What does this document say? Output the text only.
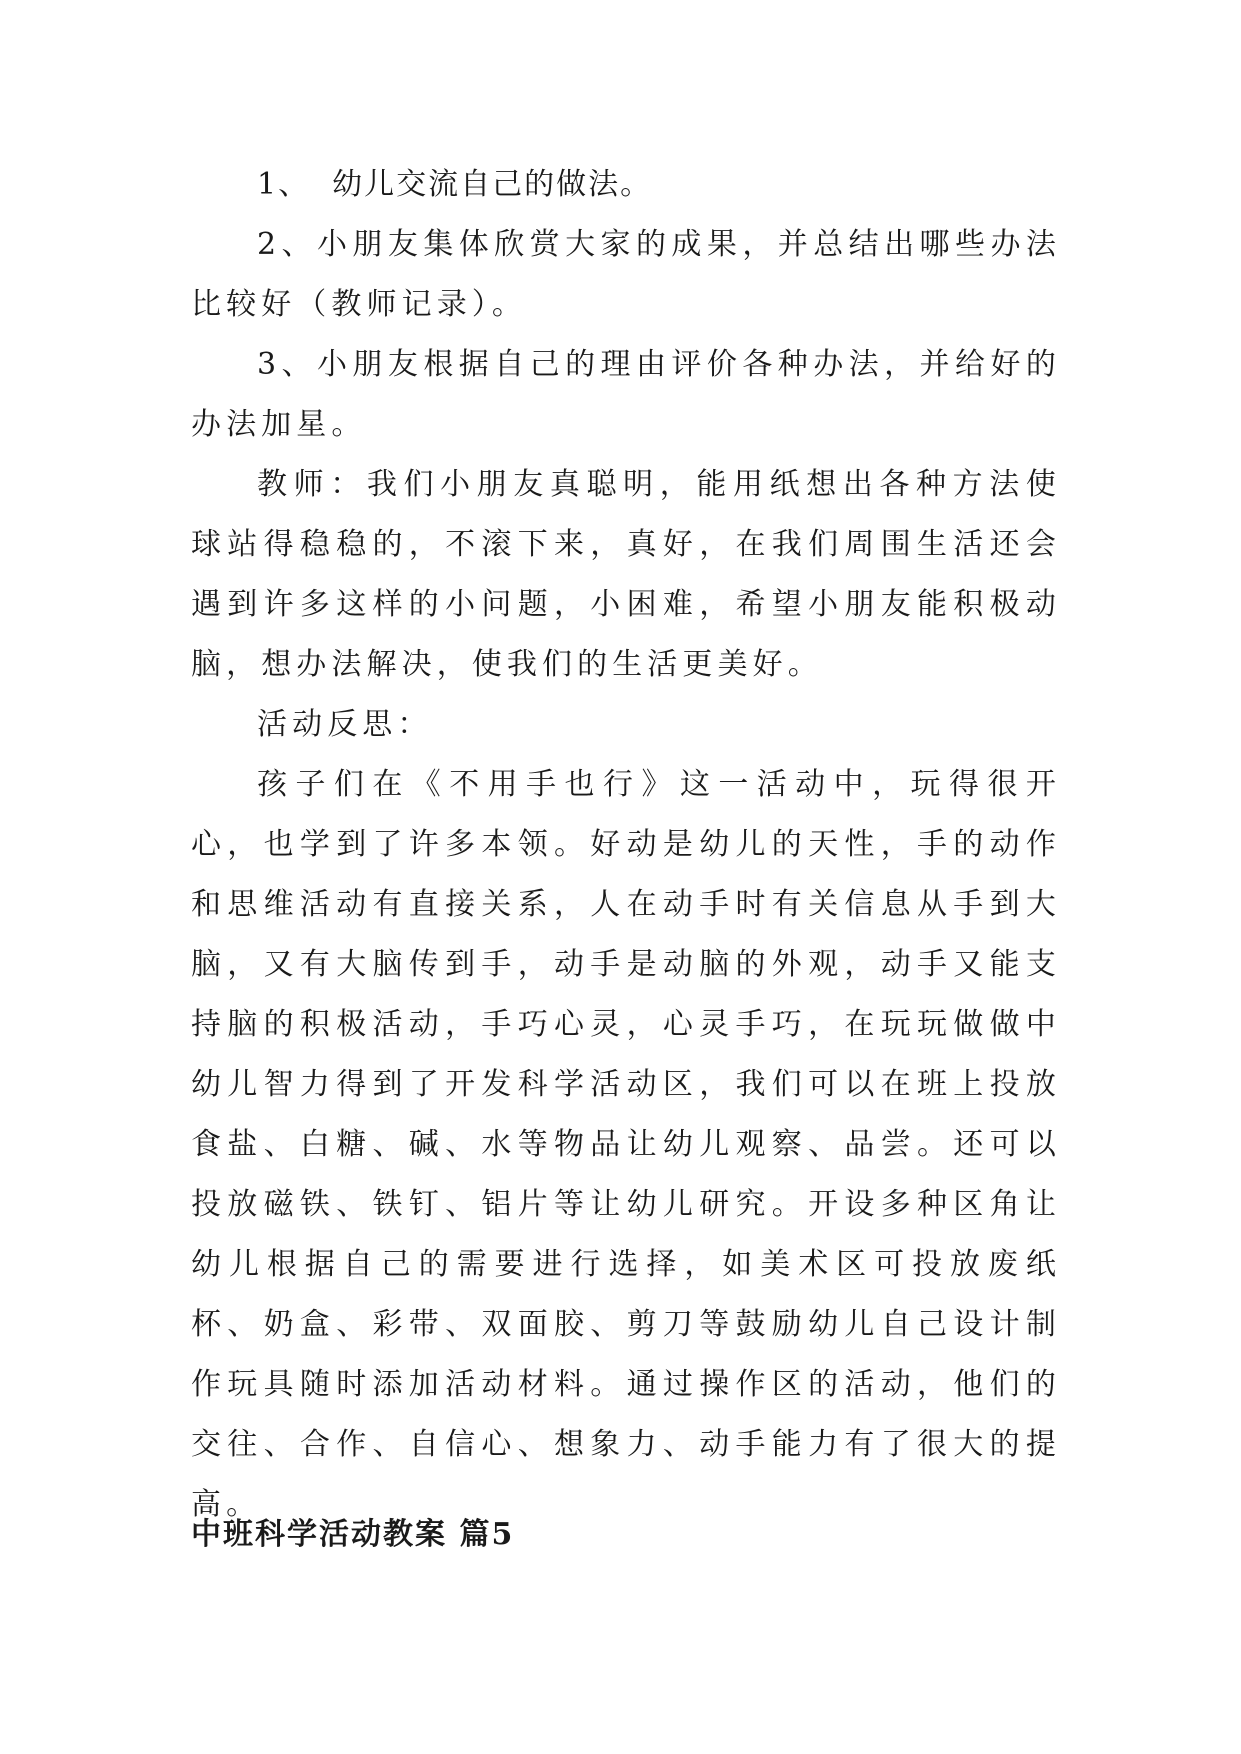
1、 幼儿交流自己的做法。

2、小朋友集体欣赏大家的成果，并总结出哪些办法比较好（教师记录）。

3、小朋友根据自己的理由评价各种办法，并给好的办法加星。

教师：我们小朋友真聪明，能用纸想出各种方法使球站得稳稳的，不滚下来，真好，在我们周围生活还会遇到许多这样的小问题，小困难，希望小朋友能积极动脑，想办法解决，使我们的生活更美好。

活动反思：

孩子们在《不用手也行》这一活动中，玩得很开心，也学到了许多本领。好动是幼儿的天性，手的动作和思维活动有直接关系，人在动手时有关信息从手到大脑，又有大脑传到手，动手是动脑的外观，动手又能支持脑的积极活动，手巧心灵，心灵手巧，在玩玩做做中幼儿智力得到了开发科学活动区，我们可以在班上投放食盐、白糖、碱、水等物品让幼儿观察、品尝。还可以投放磁铁、铁钉、铝片等让幼儿研究。开设多种区角让幼儿根据自己的需要进行选择，如美术区可投放废纸杯、奶盒、彩带、双面胶、剪刀等鼓励幼儿自己设计制作玩具随时添加活动材料。通过操作区的活动，他们的交往、合作、自信心、想象力、动手能力有了很大的提高。

中班科学活动教案 篇5
